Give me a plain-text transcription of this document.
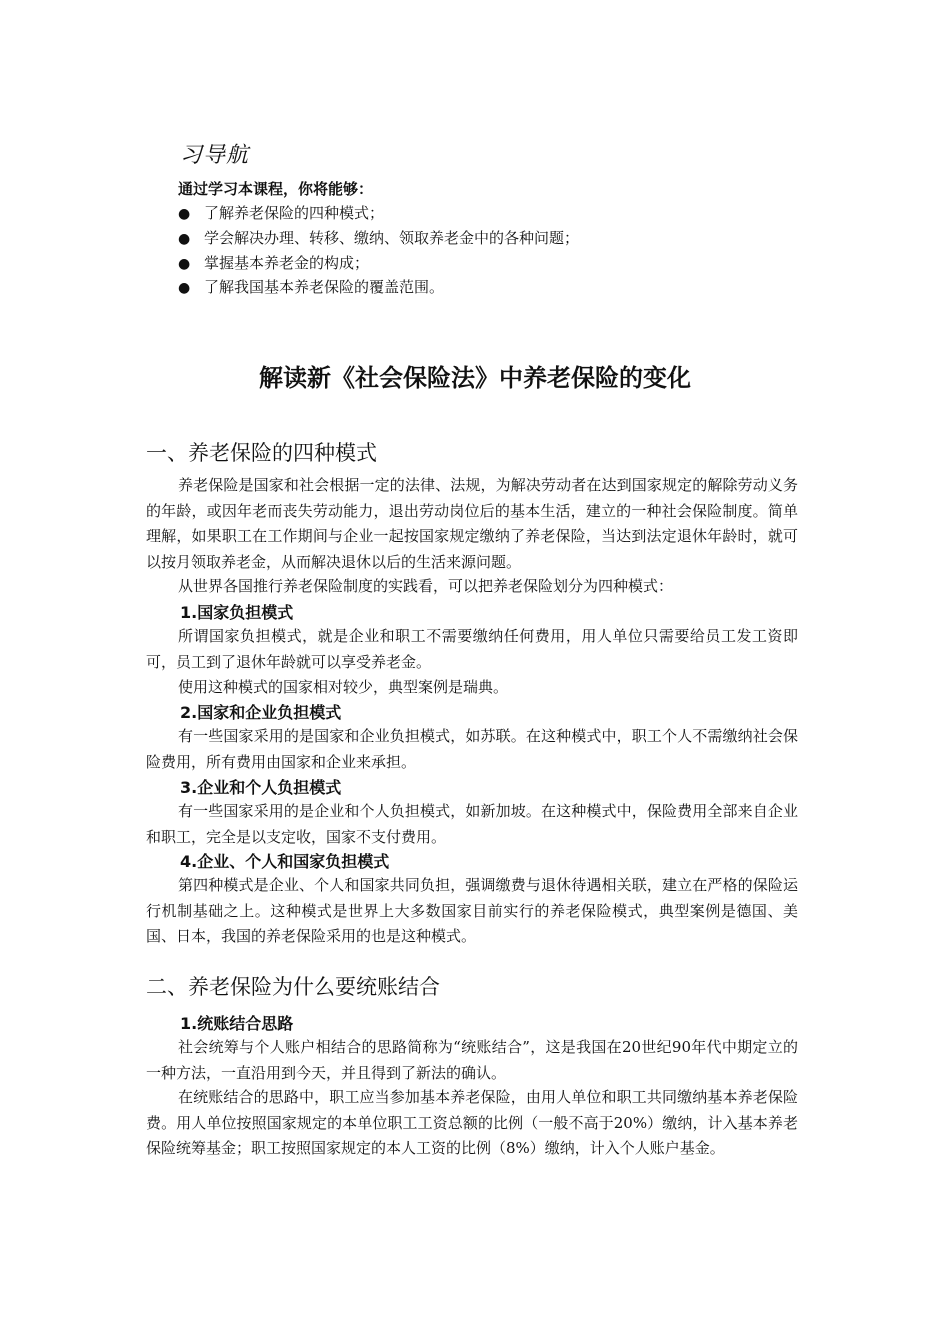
习导航
通过学习本课程，你将能够：
● 了解养老保险的四种模式；
● 学会解决办理、转移、缴纳、领取养老金中的各种问题；
● 掌握基本养老金的构成；
● 了解我国基本养老保险的覆盖范围。
解读新《社会保险法》中养老保险的变化
一、养老保险的四种模式

养老保险是国家和社会根据一定的法律、法规，为解决劳动者在达到国家规定的解除劳动义务的年龄，或因年老而丧失劳动能力，退出劳动岗位后的基本生活，建立的一种社会保险制度。简单理解，如果职工在工作期间与企业一起按国家规定缴纳了养老保险，当达到法定退休年龄时，就可以按月领取养老金，从而解决退休以后的生活来源问题。

从世界各国推行养老保险制度的实践看，可以把养老保险划分为四种模式：

1.国家负担模式

所谓国家负担模式，就是企业和职工不需要缴纳任何费用，用人单位只需要给员工发工资即可，员工到了退休年龄就可以享受养老金。

使用这种模式的国家相对较少，典型案例是瑞典。

2.国家和企业负担模式

有一些国家采用的是国家和企业负担模式，如苏联。在这种模式中，职工个人不需缴纳社会保险费用，所有费用由国家和企业来承担。

3.企业和个人负担模式

有一些国家采用的是企业和个人负担模式，如新加坡。在这种模式中，保险费用全部来自企业和职工，完全是以支定收，国家不支付费用。

4.企业、个人和国家负担模式

第四种模式是企业、个人和国家共同负担，强调缴费与退休待遇相关联，建立在严格的保险运行机制基础之上。这种模式是世界上大多数国家目前实行的养老保险模式，典型案例是德国、美国、日本，我国的养老保险采用的也是这种模式。

二、养老保险为什么要统账结合
1.统账结合思路

社会统筹与个人账户相结合的思路简称为“统账结合”，这是我国在20世纪90年代中期定立的一种方法，一直沿用到今天，并且得到了新法的确认。

在统账结合的思路中，职工应当参加基本养老保险，由用人单位和职工共同缴纳基本养老保险费。用人单位按照国家规定的本单位职工工资总额的比例（一般不高于20%）缴纳，计入基本养老保险统筹基金；职工按照国家规定的本人工资的比例（8%）缴纳，计入个人账户基金。
